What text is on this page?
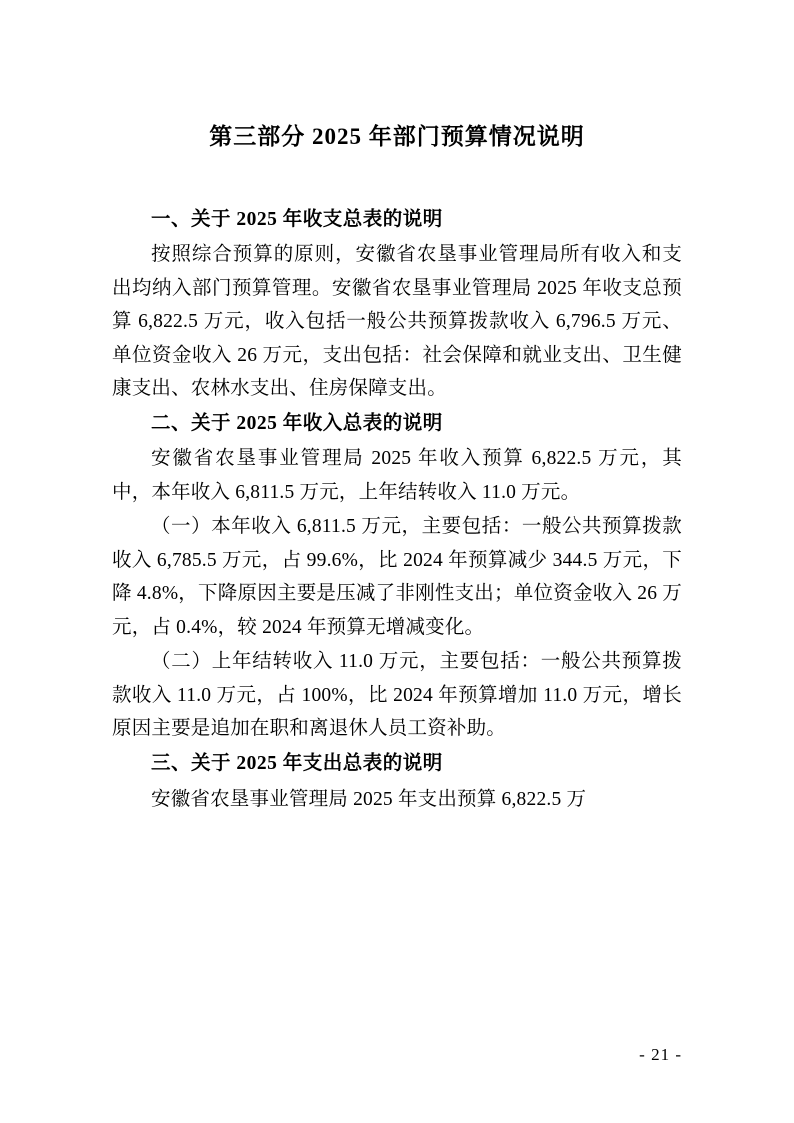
第三部分 2025 年部门预算情况说明
一、关于 2025 年收支总表的说明

按照综合预算的原则，安徽省农垦事业管理局所有收入和支出均纳入部门预算管理。安徽省农垦事业管理局 2025 年收支总预算 6,822.5 万元，收入包括一般公共预算拨款收入 6,796.5 万元、单位资金收入 26 万元，支出包括：社会保障和就业支出、卫生健康支出、农林水支出、住房保障支出。

二、关于 2025 年收入总表的说明

安徽省农垦事业管理局 2025 年收入预算 6,822.5 万元，其中，本年收入 6,811.5 万元，上年结转收入 11.0 万元。

（一）本年收入 6,811.5 万元，主要包括：一般公共预算拨款收入 6,785.5 万元，占 99.6%，比 2024 年预算减少 344.5 万元，下降 4.8%，下降原因主要是压减了非刚性支出；单位资金收入 26 万元，占 0.4%，较 2024 年预算无增减变化。

（二）上年结转收入 11.0 万元，主要包括：一般公共预算拨款收入 11.0 万元，占 100%，比 2024 年预算增加 11.0 万元，增长原因主要是追加在职和离退休人员工资补助。

三、关于 2025 年支出总表的说明

安徽省农垦事业管理局 2025 年支出预算 6,822.5 万

- 21 -
